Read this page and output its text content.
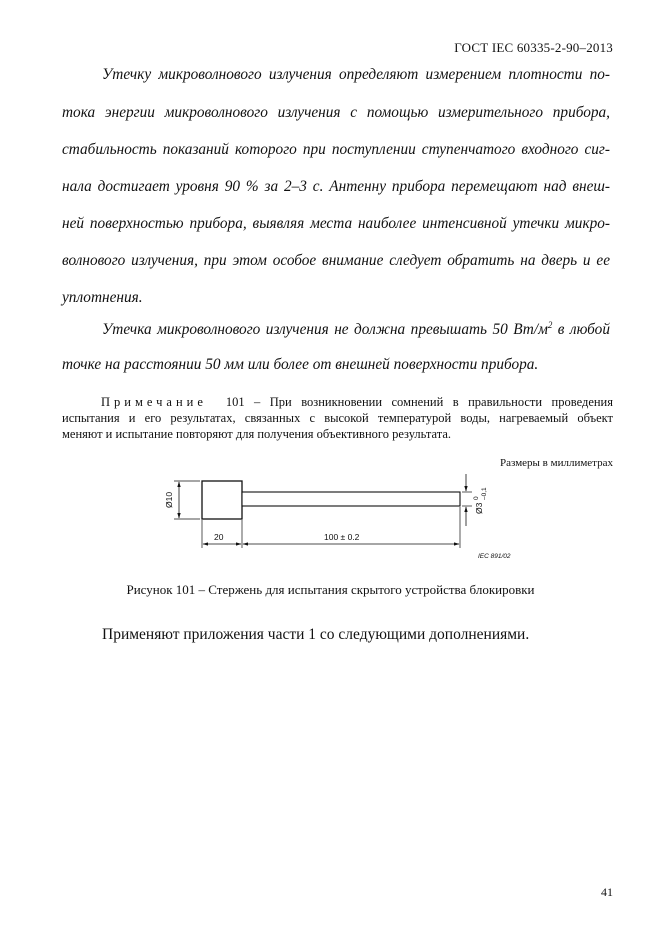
ГОСТ IEC 60335-2-90–2013
Утечку микроволнового излучения определяют измерением плотности по-
тока энергии микроволнового излучения с помощью измерительного прибора,
стабильность показаний которого при поступлении ступенчатого входного сиг-
нала достигает уровня 90 % за 2–3 с. Антенну прибора перемещают над внеш-
ней поверхностью прибора, выявляя места наиболее интенсивной утечки микро-
волнового излучения, при этом особое внимание следует обратить на дверь и ее
уплотнения.
Утечка микроволнового излучения не должна превышать 50 $Вт/м^2$ в любой
точке на расстоянии 50 мм или более от внешней поверхности прибора.
Примечание 101 – При возникновении сомнений в правильности проведения
испытания и его результатах, связанных с высокой температурой воды, нагреваемый объект
меняют и испытание повторяют для получения объективного результата.
Размеры в миллиметрах
Ø10
Ø3
0 –0,1
20	100 ± 0.2
IEC 891/02
Рисунок 101 – Стержень для испытания скрытого устройства блокировки
Применяют приложения части 1 со следующими дополнениями.
41
